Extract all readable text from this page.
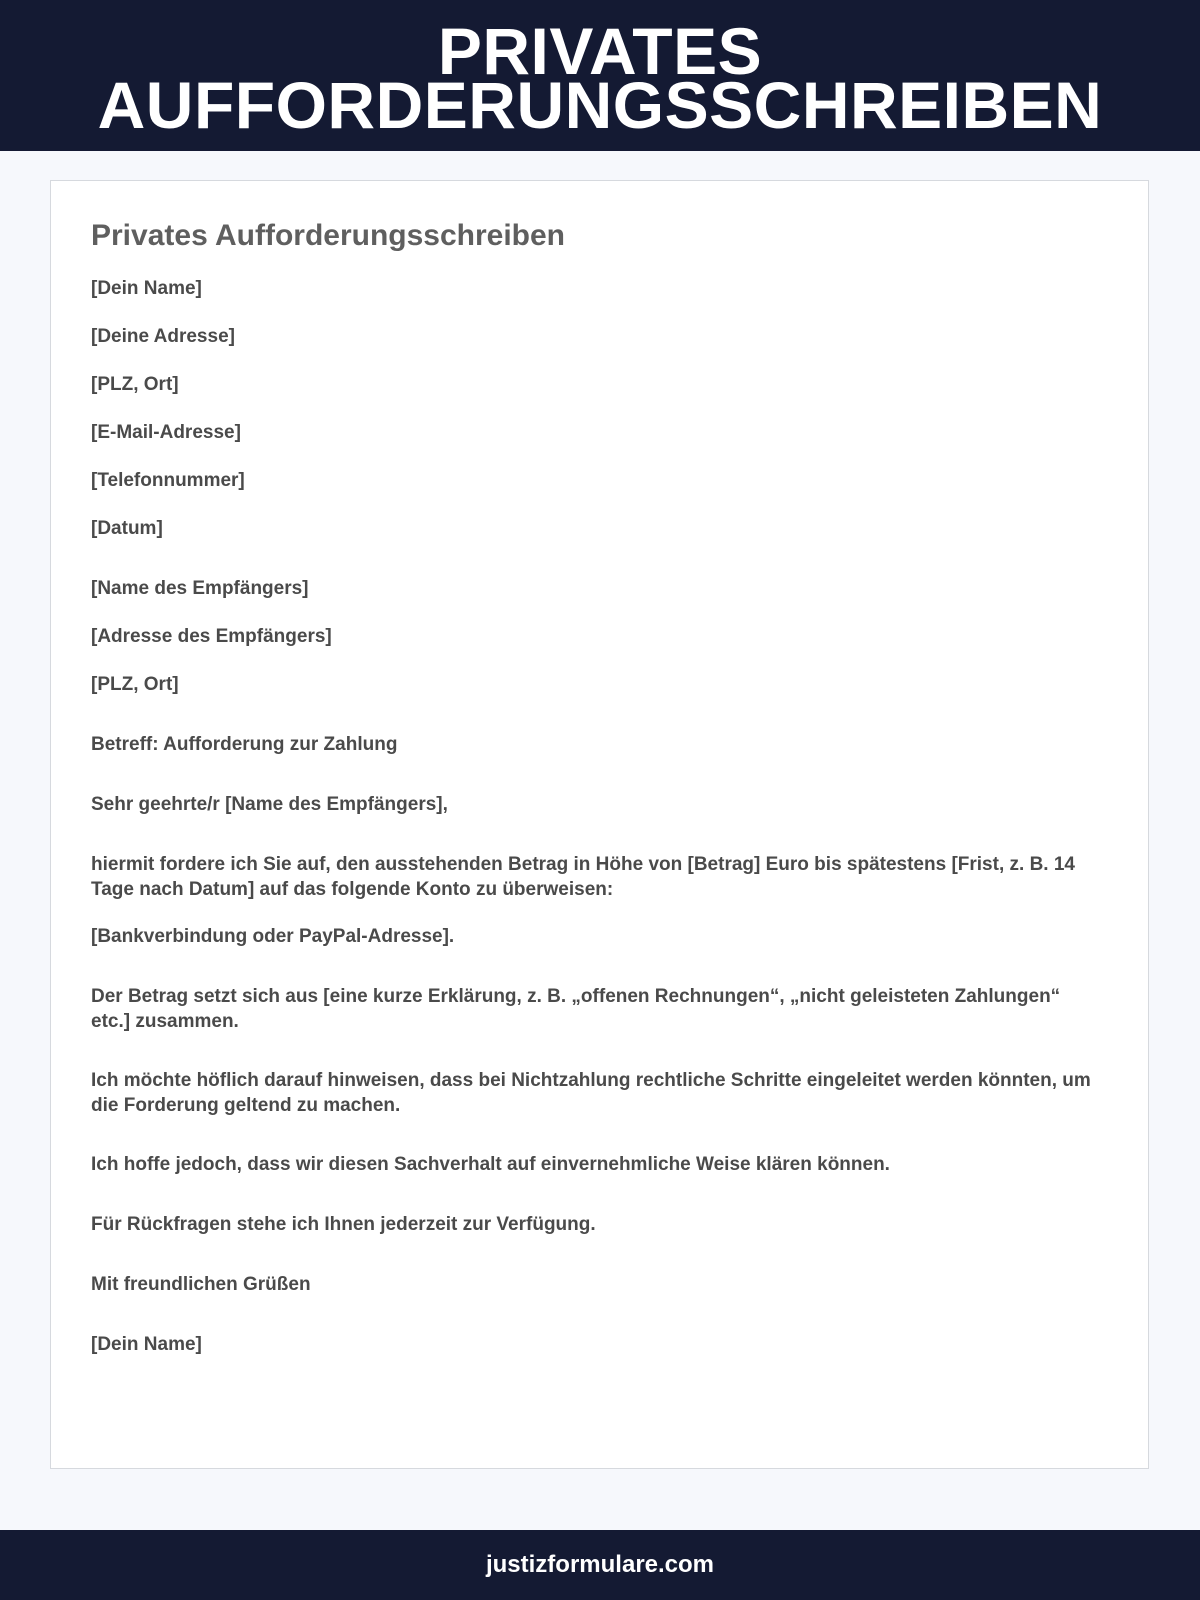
PRIVATES
AUFFORDERUNGSSCHREIBEN
Privates Aufforderungsschreiben

[Dein Name]

[Deine Adresse]

[PLZ, Ort]

[E-Mail-Adresse]

[Telefonnummer]

[Datum]

[Name des Empfängers]

[Adresse des Empfängers]

[PLZ, Ort]

Betreff: Aufforderung zur Zahlung

Sehr geehrte/r [Name des Empfängers],

hiermit fordere ich Sie auf, den ausstehenden Betrag in Höhe von [Betrag] Euro bis spätestens [Frist, z. B. 14 Tage nach Datum] auf das folgende Konto zu überweisen:

[Bankverbindung oder PayPal-Adresse].

Der Betrag setzt sich aus [eine kurze Erklärung, z. B. „offenen Rechnungen“, „nicht geleisteten Zahlungen“ etc.] zusammen.

Ich möchte höflich darauf hinweisen, dass bei Nichtzahlung rechtliche Schritte eingeleitet werden könnten, um die Forderung geltend zu machen.

Ich hoffe jedoch, dass wir diesen Sachverhalt auf einvernehmliche Weise klären können.

Für Rückfragen stehe ich Ihnen jederzeit zur Verfügung.

Mit freundlichen Grüßen

[Dein Name]

justizformulare.com
